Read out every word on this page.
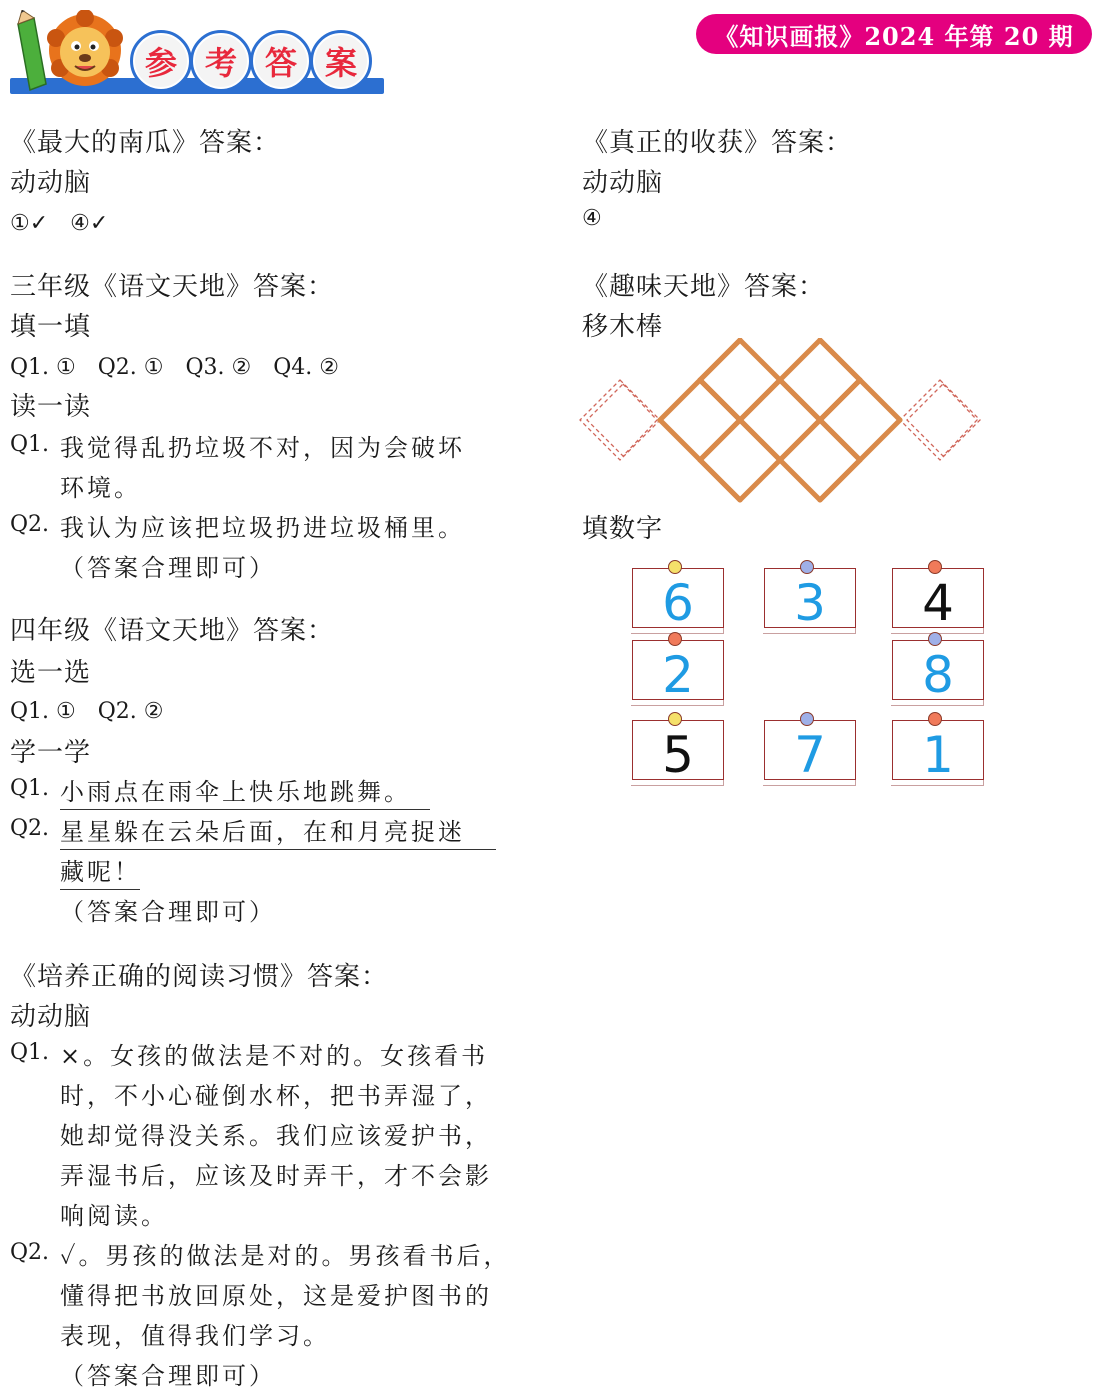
参 考 答 案
《知识画报》2024 年第 20 期
《最大的南瓜》答案：
动动脑
①✓　④✓
三年级《语文天地》答案：
填一填
Q1. ①　Q2. ①　Q3. ②　Q4. ②
读一读
Q1. 我觉得乱扔垃圾不对，因为会破坏
环境。
Q2. 我认为应该把垃圾扔进垃圾桶里。
（答案合理即可）
四年级《语文天地》答案：
选一选
Q1. ①　Q2. ②
学一学
Q1. 小雨点在雨伞上快乐地跳舞。
Q2. 星星躲在云朵后面，在和月亮捉迷
藏呢！
（答案合理即可）
《培养正确的阅读习惯》答案：
动动脑
Q1. ×。女孩的做法是不对的。女孩看书
时，不小心碰倒水杯，把书弄湿了，
她却觉得没关系。我们应该爱护书，
弄湿书后，应该及时弄干，才不会影
响阅读。
Q2. ✓。男孩的做法是对的。男孩看书后，
懂得把书放回原处，这是爱护图书的
表现，值得我们学习。
（答案合理即可）
《真正的收获》答案：
动动脑
④
《趣味天地》答案：
移木棒
填数字
6 3 4
2	8
5 7 1
